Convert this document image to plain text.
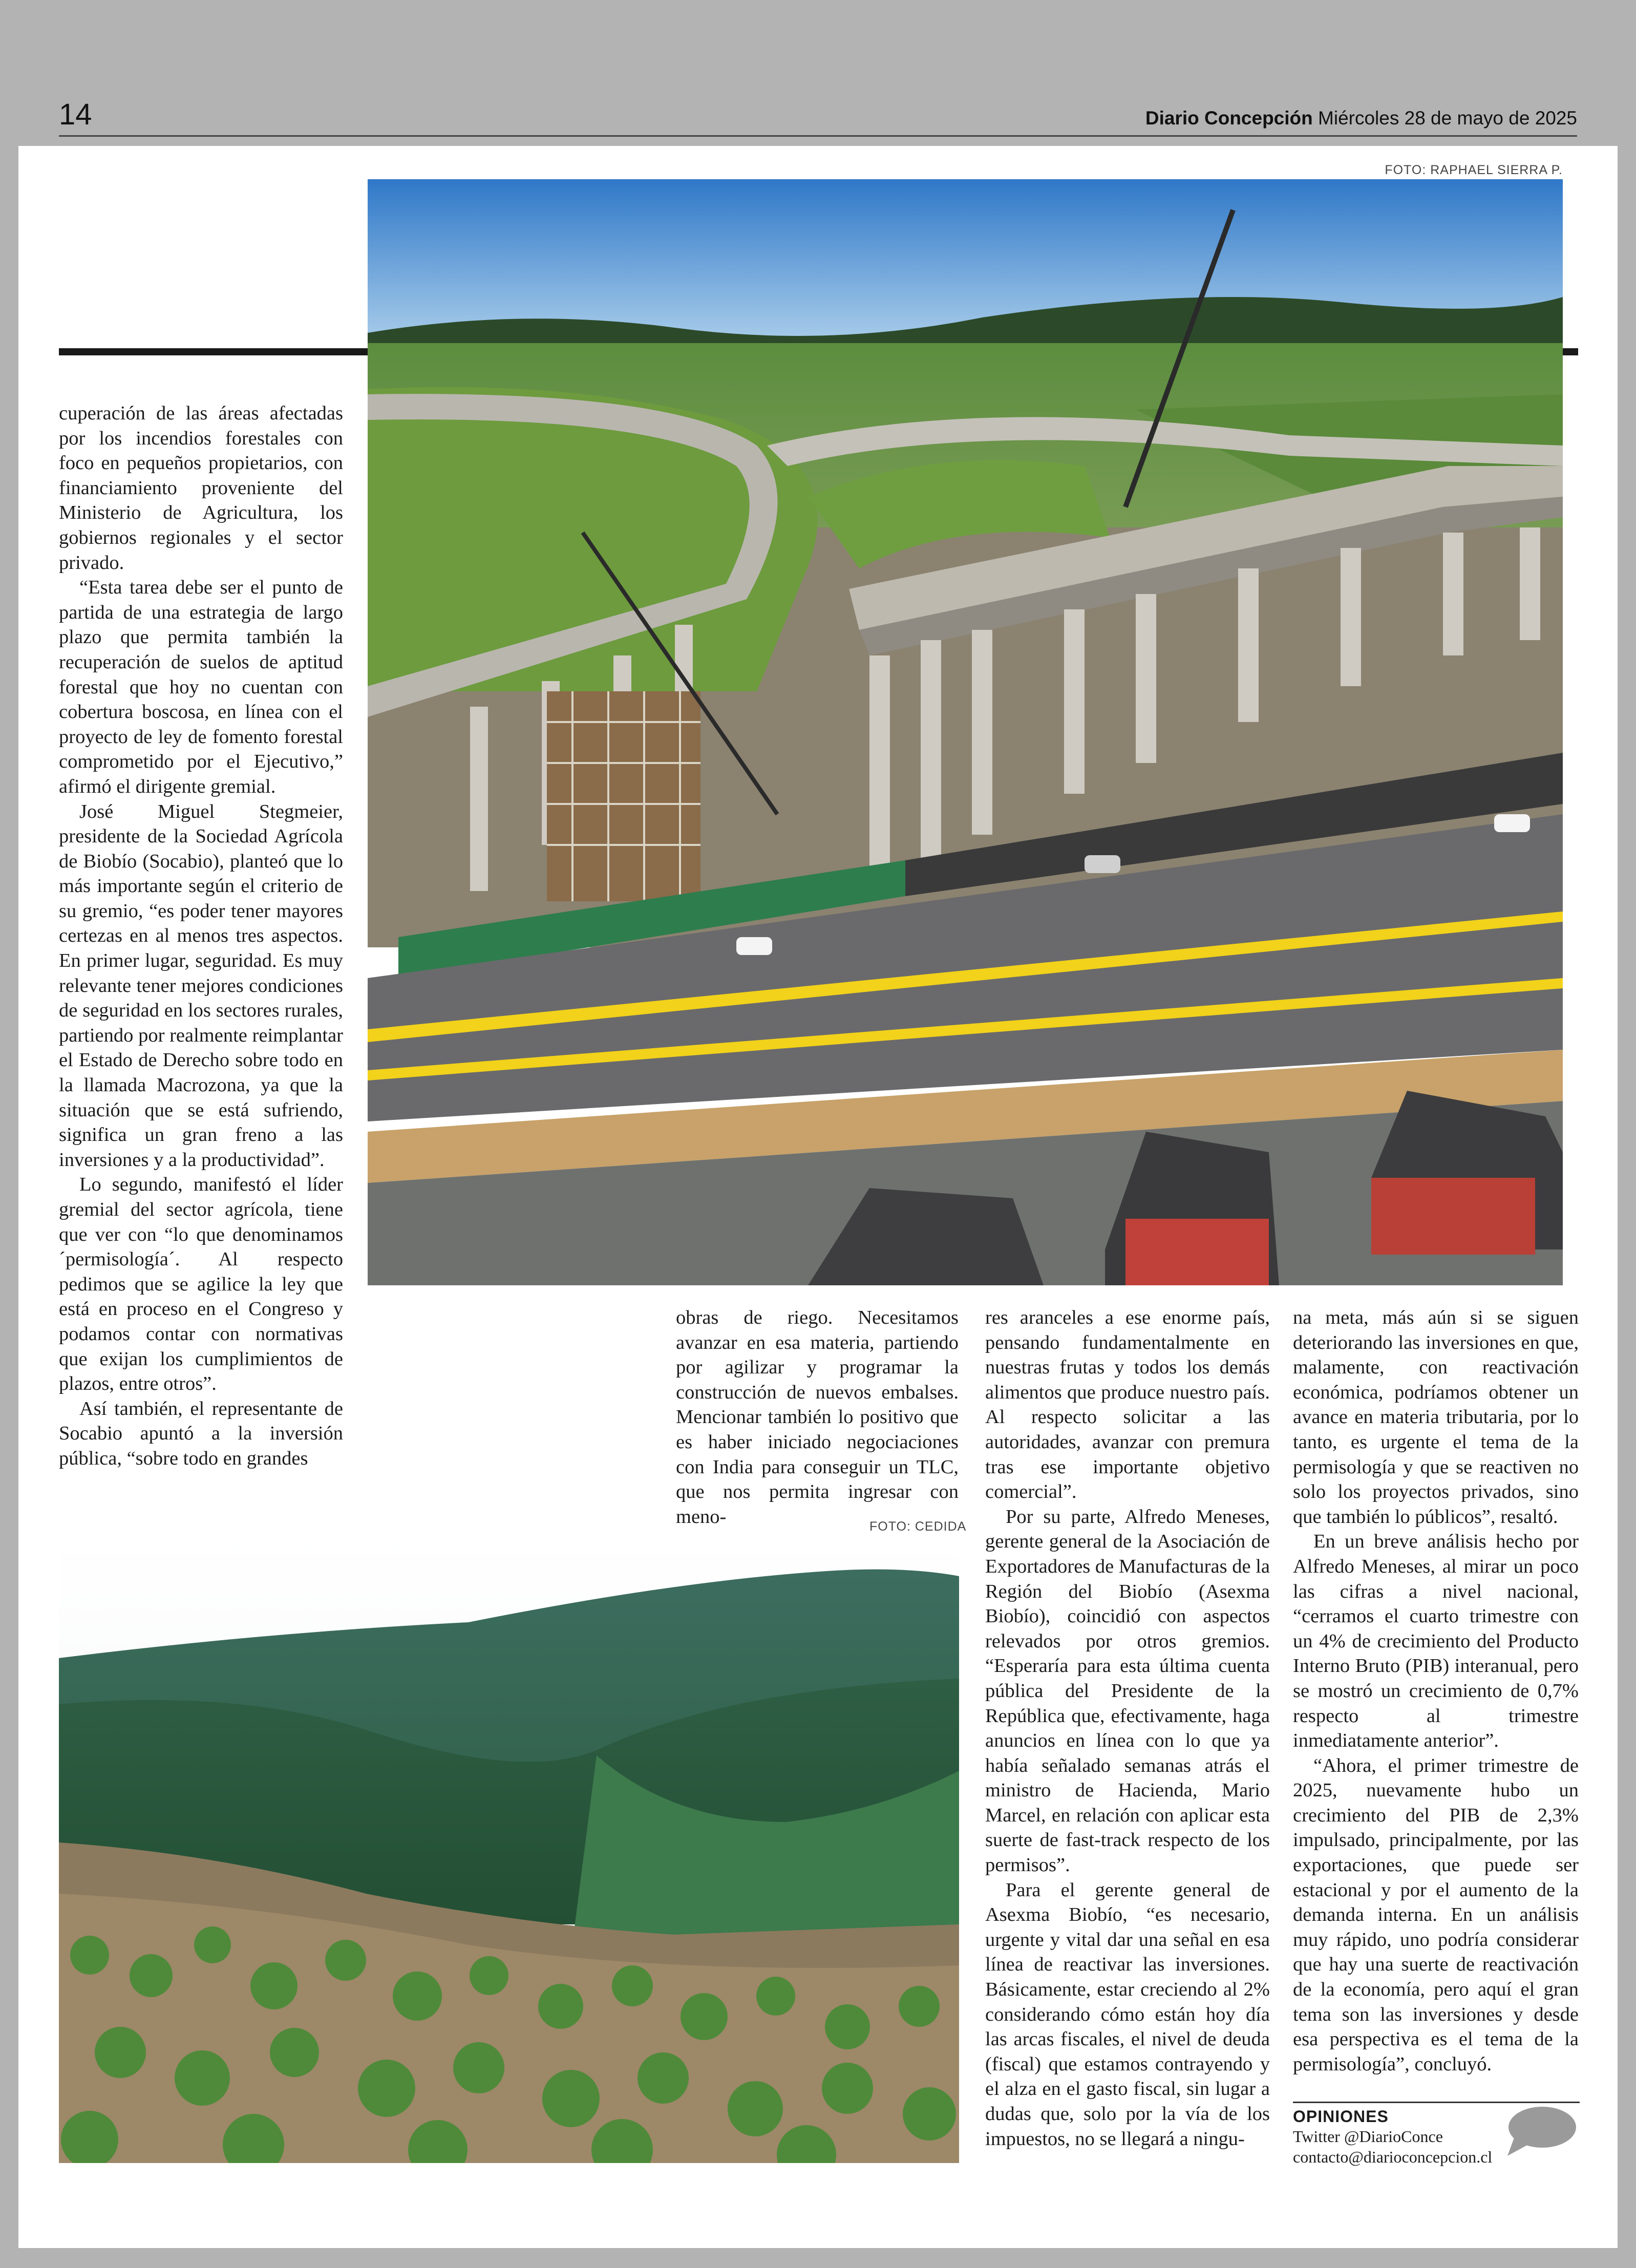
14	Diario Concepción Miércoles 28 de mayo de 2025
FOTO: RAPHAEL SIERRA P.

cuperación de las áreas afectadas por los incendios forestales con foco en pequeños propietarios, con financiamiento proveniente del Ministerio de Agricultura, los gobiernos regionales y el sector privado.

“Esta tarea debe ser el punto de partida de una estrategia de largo plazo que permita también la recuperación de suelos de aptitud forestal que hoy no cuentan con cobertura boscosa, en línea con el proyecto de ley de fomento forestal comprometido por el Ejecutivo,” afirmó el dirigente gremial.

José Miguel Stegmeier, presidente de la Sociedad Agrícola de Biobío (Socabio), planteó que lo más importante según el criterio de su gremio, “es poder tener mayores certezas en al menos tres aspectos. En primer lugar, seguridad. Es muy relevante tener mejores condiciones de seguridad en los sectores rurales, partiendo por realmente reimplantar el Estado de Derecho sobre todo en la llamada Macrozona, ya que la situación que se está sufriendo, significa un gran freno a las inversiones y a la productividad”.

Lo segundo, manifestó el líder gremial del sector agrícola, tiene que ver con “lo que denominamos ´permisología´. Al respecto pedimos que se agilice la ley que está en proceso en el Congreso y podamos contar con normativas que exijan los cumplimientos de plazos, entre otros”.

Así también, el representante de Socabio apuntó a la inversión pública, “sobre todo en grandes

obras de riego. Necesitamos avanzar en esa materia, partiendo por agilizar y programar la construcción de nuevos embalses. Mencionar también lo positivo que es haber iniciado negociaciones con India para conseguir un TLC, que nos permita ingresar con meno-	FOTO: CEDIDA

res aranceles a ese enorme país, pensando fundamentalmente en nuestras frutas y todos los demás alimentos que produce nuestro país. Al respecto solicitar a las autoridades, avanzar con premura tras ese importante objetivo comercial”.

Por su parte, Alfredo Meneses, gerente general de la Asociación de Exportadores de Manufacturas de la Región del Biobío (Asexma Biobío), coincidió con aspectos relevados por otros gremios. “Esperaría para esta última cuenta pública del Presidente de la República que, efectivamente, haga anuncios en línea con lo que ya había señalado semanas atrás el ministro de Hacienda, Mario Marcel, en relación con aplicar esta suerte de fast-track respecto de los permisos”.

Para el gerente general de Asexma Biobío, “es necesario, urgente y vital dar una señal en esa línea de reactivar las inversiones. Básicamente, estar creciendo al 2% considerando cómo están hoy día las arcas fiscales, el nivel de deuda (fiscal) que estamos contrayendo y el alza en el gasto fiscal, sin lugar a dudas que, solo por la vía de los impuestos, no se llegará a ningu-

na meta, más aún si se siguen deteriorando las inversiones en que, malamente, con reactivación económica, podríamos obtener un avance en materia tributaria, por lo tanto, es urgente el tema de la permisología y que se reactiven no solo los proyectos privados, sino que también lo públicos”, resaltó.

En un breve análisis hecho por Alfredo Meneses, al mirar un poco las cifras a nivel nacional, “cerramos el cuarto trimestre con un 4% de crecimiento del Producto Interno Bruto (PIB) interanual, pero se mostró un crecimiento de 0,7% respecto al trimestre inmediatamente anterior”.

“Ahora, el primer trimestre de 2025, nuevamente hubo un crecimiento del PIB de 2,3% impulsado, principalmente, por las exportaciones, que puede ser estacional y por el aumento de la demanda interna. En un análisis muy rápido, uno podría considerar que hay una suerte de reactivación de la economía, pero aquí el gran tema son las inversiones y desde esa perspectiva es el tema de la permisología”, concluyó.

OPINIONES
Twitter @DiarioConce
contacto@diarioconcepcion.cl
